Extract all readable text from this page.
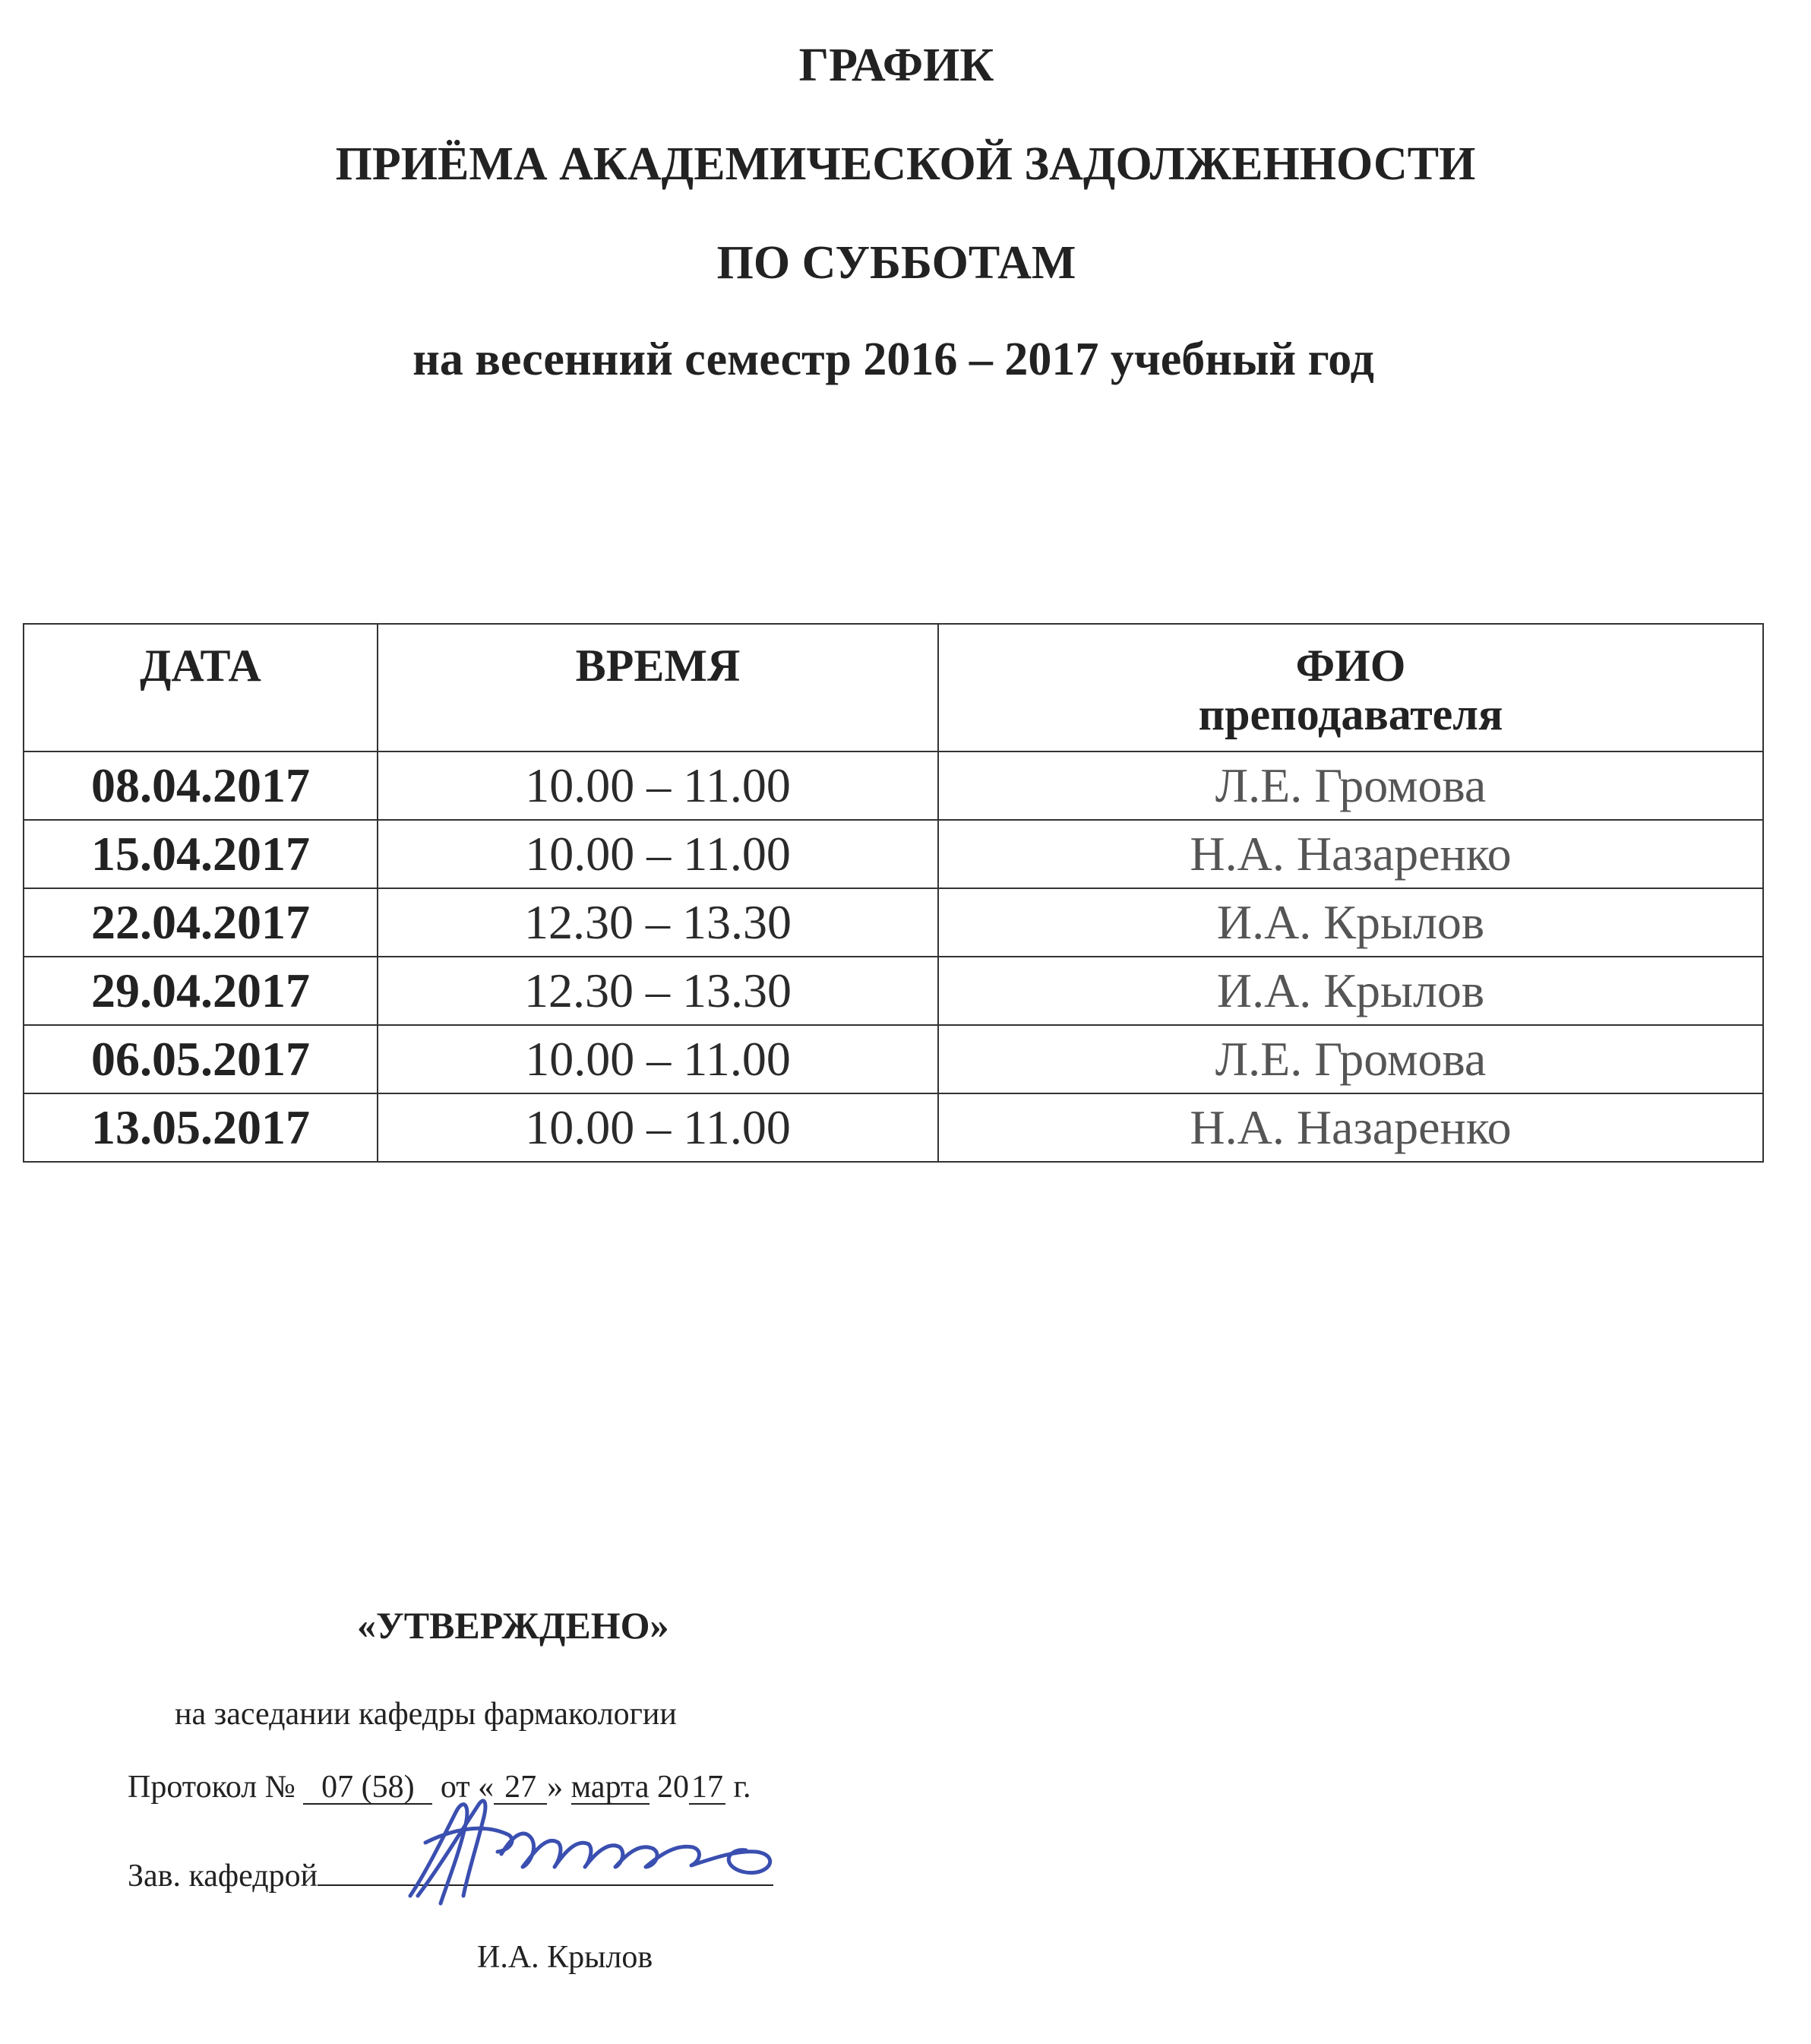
ГРАФИК
ПРИЁМА АКАДЕМИЧЕСКОЙ ЗАДОЛЖЕННОСТИ
ПО СУББОТАМ
на весенний семестр 2016 – 2017 учебный год
ДАТА	ВРЕМЯ	ФИО
преподавателя

08.04.2017	10.00 – 11.00	Л.Е. Громова
15.04.2017	10.00 – 11.00	Н.А. Назаренко
22.04.2017	12.30 – 13.30	И.А. Крылов
29.04.2017	12.30 – 13.30	И.А. Крылов
06.05.2017	10.00 – 11.00	Л.Е. Громова
13.05.2017	10.00 – 11.00	Н.А. Назаренко
«УТВЕРЖДЕНО»
на заседании кафедры фармакологии
Протокол № 07 (58) от « 27 » марта 2017 г.
Зав. кафедрой
И.А. Крылов
